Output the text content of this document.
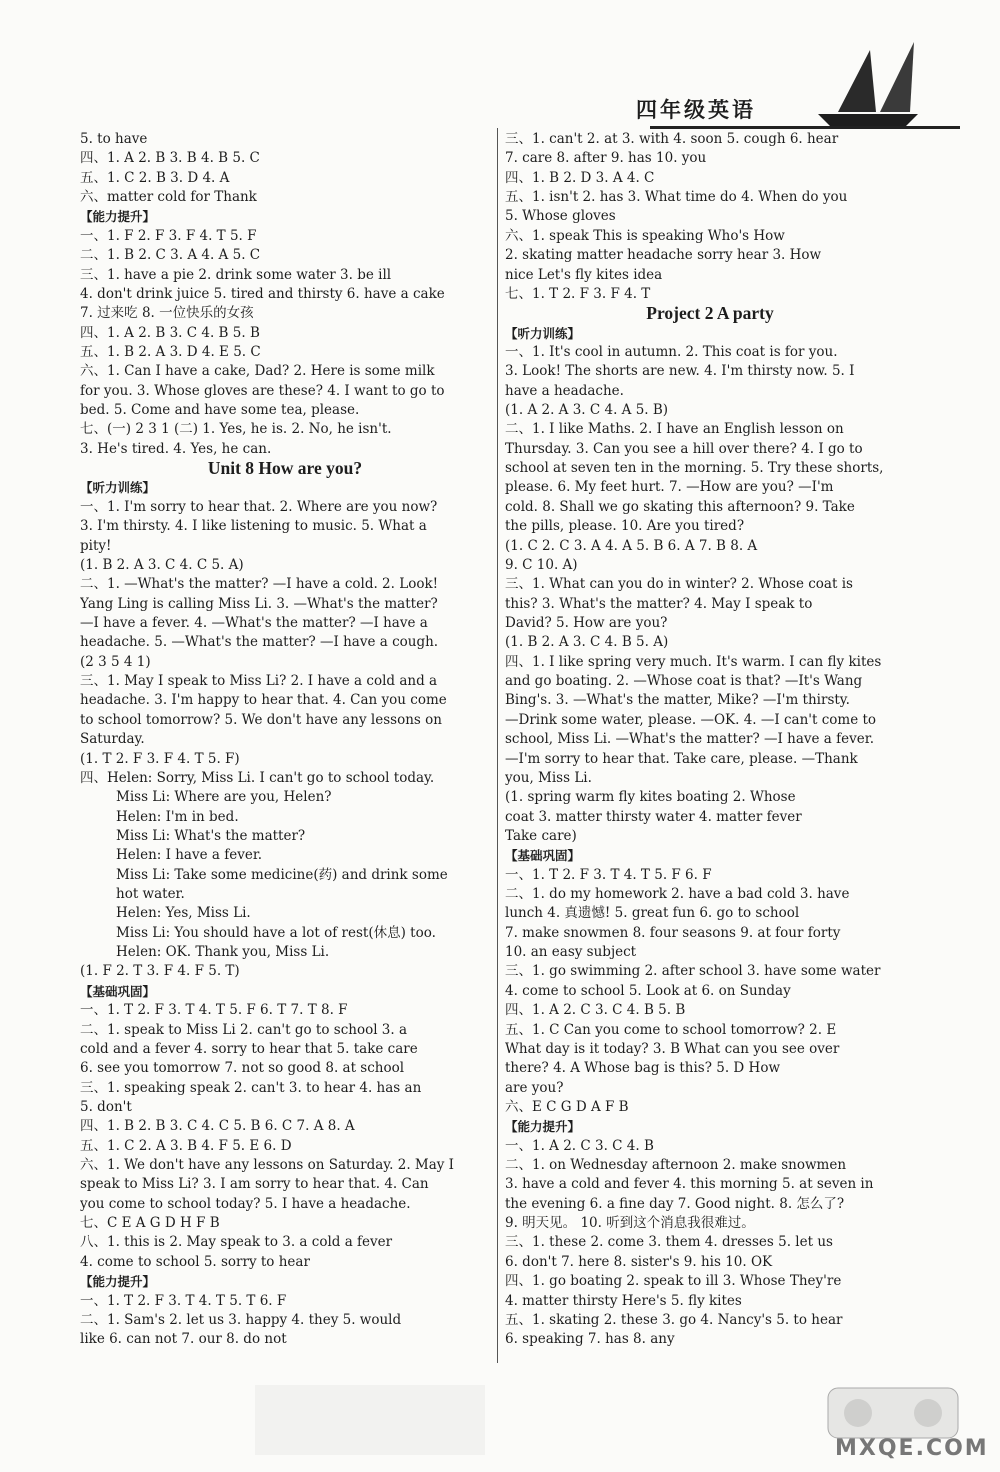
四年级英语
5. to have
四、1. A 2. B 3. B 4. B 5. C
五、1. C 2. B 3. D 4. A
六、matter cold for Thank
【能力提升】
一、1. F 2. F 3. F 4. T 5. F
二、1. B 2. C 3. A 4. A 5. C
三、1. have a pie 2. drink some water 3. be ill
4. don't drink juice 5. tired and thirsty 6. have a cake
7. 过来吃 8. 一位快乐的女孩
四、1. A 2. B 3. C 4. B 5. B
五、1. B 2. A 3. D 4. E 5. C
六、1. Can I have a cake, Dad? 2. Here is some milk
for you. 3. Whose gloves are these? 4. I want to go to
bed. 5. Come and have some tea, please.
七、(一) 2 3 1 (二) 1. Yes, he is. 2. No, he isn't.
3. He's tired. 4. Yes, he can.
Unit 8 How are you?
【听力训练】
一、1. I'm sorry to hear that. 2. Where are you now?
3. I'm thirsty. 4. I like listening to music. 5. What a
pity!
(1. B 2. A 3. C 4. C 5. A)
二、1. —What's the matter? —I have a cold. 2. Look!
Yang Ling is calling Miss Li. 3. —What's the matter?
—I have a fever. 4. —What's the matter? —I have a
headache. 5. —What's the matter? —I have a cough.
(2 3 5 4 1)
三、1. May I speak to Miss Li? 2. I have a cold and a
headache. 3. I'm happy to hear that. 4. Can you come
to school tomorrow? 5. We don't have any lessons on
Saturday.
(1. T 2. F 3. F 4. T 5. F)
四、Helen: Sorry, Miss Li. I can't go to school today.
Miss Li: Where are you, Helen?
Helen: I'm in bed.
Miss Li: What's the matter?
Helen: I have a fever.
Miss Li: Take some medicine(药) and drink some
hot water.
Helen: Yes, Miss Li.
Miss Li: You should have a lot of rest(休息) too.
Helen: OK. Thank you, Miss Li.
(1. F 2. T 3. F 4. F 5. T)
【基础巩固】
一、1. T 2. F 3. T 4. T 5. F 6. T 7. T 8. F
二、1. speak to Miss Li 2. can't go to school 3. a
cold and a fever 4. sorry to hear that 5. take care
6. see you tomorrow 7. not so good 8. at school
三、1. speaking speak 2. can't 3. to hear 4. has an
5. don't
四、1. B 2. B 3. C 4. C 5. B 6. C 7. A 8. A
五、1. C 2. A 3. B 4. F 5. E 6. D
六、1. We don't have any lessons on Saturday. 2. May I
speak to Miss Li? 3. I am sorry to hear that. 4. Can
you come to school today? 5. I have a headache.
七、C E A G D H F B
八、1. this is 2. May speak to 3. a cold a fever
4. come to school 5. sorry to hear
【能力提升】
一、1. T 2. F 3. T 4. T 5. T 6. F
二、1. Sam's 2. let us 3. happy 4. they 5. would
like 6. can not 7. our 8. do not
三、1. can't 2. at 3. with 4. soon 5. cough 6. hear
7. care 8. after 9. has 10. you
四、1. B 2. D 3. A 4. C
五、1. isn't 2. has 3. What time do 4. When do you
5. Whose gloves
六、1. speak This is speaking Who's How
2. skating matter headache sorry hear 3. How
nice Let's fly kites idea
七、1. T 2. F 3. F 4. T
Project 2 A party
【听力训练】
一、1. It's cool in autumn. 2. This coat is for you.
3. Look! The shorts are new. 4. I'm thirsty now. 5. I
have a headache.
(1. A 2. A 3. C 4. A 5. B)
二、1. I like Maths. 2. I have an English lesson on
Thursday. 3. Can you see a hill over there? 4. I go to
school at seven ten in the morning. 5. Try these shorts,
please. 6. My feet hurt. 7. —How are you? —I'm
cold. 8. Shall we go skating this afternoon? 9. Take
the pills, please. 10. Are you tired?
(1. C 2. C 3. A 4. A 5. B 6. A 7. B 8. A
9. C 10. A)
三、1. What can you do in winter? 2. Whose coat is
this? 3. What's the matter? 4. May I speak to
David? 5. How are you?
(1. B 2. A 3. C 4. B 5. A)
四、1. I like spring very much. It's warm. I can fly kites
and go boating. 2. —Whose coat is that? —It's Wang
Bing's. 3. —What's the matter, Mike? —I'm thirsty.
—Drink some water, please. —OK. 4. —I can't come to
school, Miss Li. —What's the matter? —I have a fever.
—I'm sorry to hear that. Take care, please. —Thank
you, Miss Li.
(1. spring warm fly kites boating 2. Whose
coat 3. matter thirsty water 4. matter fever
Take care)
【基础巩固】
一、1. T 2. F 3. T 4. T 5. F 6. F
二、1. do my homework 2. have a bad cold 3. have
lunch 4. 真遗憾! 5. great fun 6. go to school
7. make snowmen 8. four seasons 9. at four forty
10. an easy subject
三、1. go swimming 2. after school 3. have some water
4. come to school 5. Look at 6. on Sunday
四、1. A 2. C 3. C 4. B 5. B
五、1. C Can you come to school tomorrow? 2. E
What day is it today? 3. B What can you see over
there? 4. A Whose bag is this? 5. D How
are you?
六、E C G D A F B
【能力提升】
一、1. A 2. C 3. C 4. B
二、1. on Wednesday afternoon 2. make snowmen
3. have a cold and fever 4. this morning 5. at seven in
the evening 6. a fine day 7. Good night. 8. 怎么了?
9. 明天见。 10. 听到这个消息我很难过。
三、1. these 2. come 3. them 4. dresses 5. let us
6. don't 7. here 8. sister's 9. his 10. OK
四、1. go boating 2. speak to ill 3. Whose They're
4. matter thirsty Here's 5. fly kites
五、1. skating 2. these 3. go 4. Nancy's 5. to hear
6. speaking 7. has 8. any
MXQE.COM
